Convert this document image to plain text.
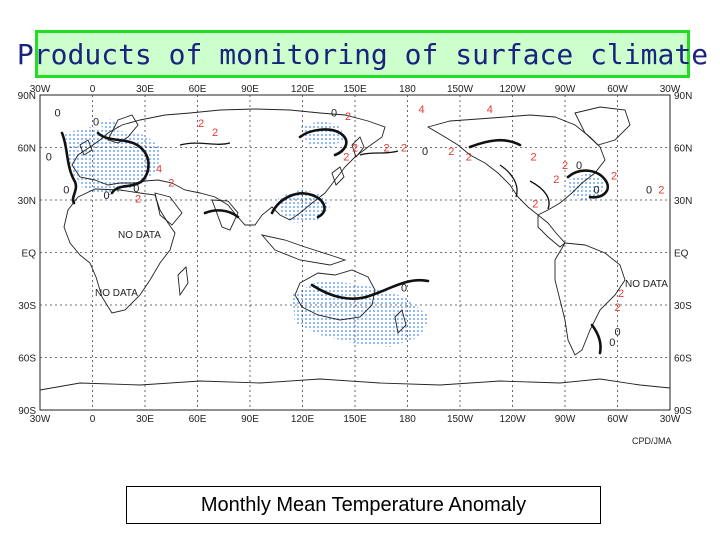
Products of monitoring of surface climate
30W	0	30E	60E	90E	120E	150E	180	150W	120W	90W	60W	30W
30W	0	30E	60E	90E	120E	150E	180	150W	120W	90W	60W	30W
90N
60N
30N
EQ
30S
60S
90S
90N
60N
30N
EQ
30S
60S
90S
0
0
0
0	0
0
0
0
0
0	0
0
0
0
2
2
2
2
2
2 2	2 2	2
2
2
2
2
2
2
2
2
2
4	4
4
NO DATA
NO DATA
NO DATA
CPD/JMA
Monthly Mean Temperature Anomaly
